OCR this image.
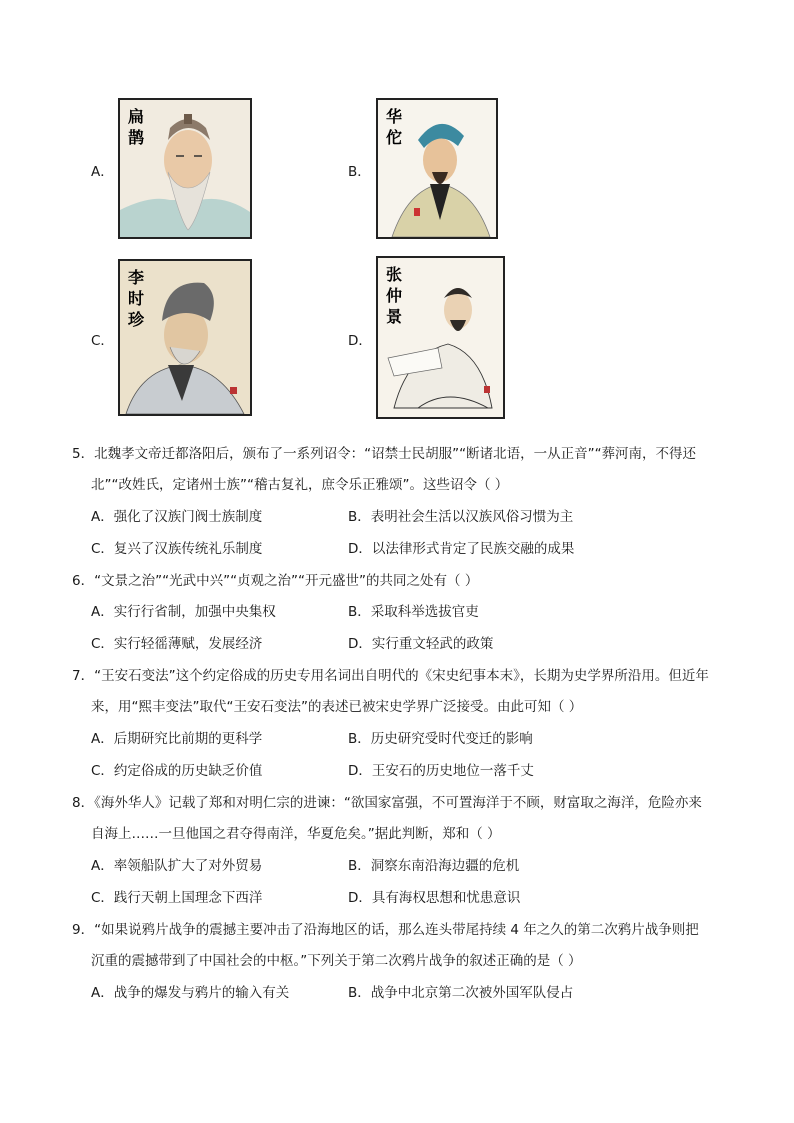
A．
扁
鹊
B．
华
佗
C．
李
时
珍
D．
张
仲
景
5．北魏孝文帝迁都洛阳后，颁布了一系列诏令：“诏禁士民胡服”“断诸北语，一从正音”“葬河南，不得还
北”“改姓氏，定诸州士族”“稽古复礼，庶令乐正雅颂”。这些诏令（ ）
A．强化了汉族门阀士族制度	B．表明社会生活以汉族风俗习惯为主
C．复兴了汉族传统礼乐制度	D．以法律形式肯定了民族交融的成果
6．“文景之治”“光武中兴”“贞观之治”“开元盛世”的共同之处有（ ）
A．实行行省制，加强中央集权	B．采取科举选拔官吏
C．实行轻徭薄赋，发展经济	D．实行重文轻武的政策
7．“王安石变法”这个约定俗成的历史专用名词出自明代的《宋史纪事本末》，长期为史学界所沿用。但近年
来，用“熙丰变法”取代“王安石变法”的表述已被宋史学界广泛接受。由此可知（ ）
A．后期研究比前期的更科学	B．历史研究受时代变迁的影响
C．约定俗成的历史缺乏价值	D．王安石的历史地位一落千丈
8．《海外华人》记载了郑和对明仁宗的进谏：“欲国家富强，不可置海洋于不顾，财富取之海洋，危险亦来
自海上……一旦他国之君夺得南洋，华夏危矣。”据此判断，郑和（ ）
A．率领船队扩大了对外贸易	B．洞察东南沿海边疆的危机
C．践行天朝上国理念下西洋	D．具有海权思想和忧患意识
9．“如果说鸦片战争的震撼主要冲击了沿海地区的话，那么连头带尾持续 4 年之久的第二次鸦片战争则把
沉重的震撼带到了中国社会的中枢。”下列关于第二次鸦片战争的叙述正确的是（ ）
A．战争的爆发与鸦片的输入有关	B．战争中北京第二次被外国军队侵占
